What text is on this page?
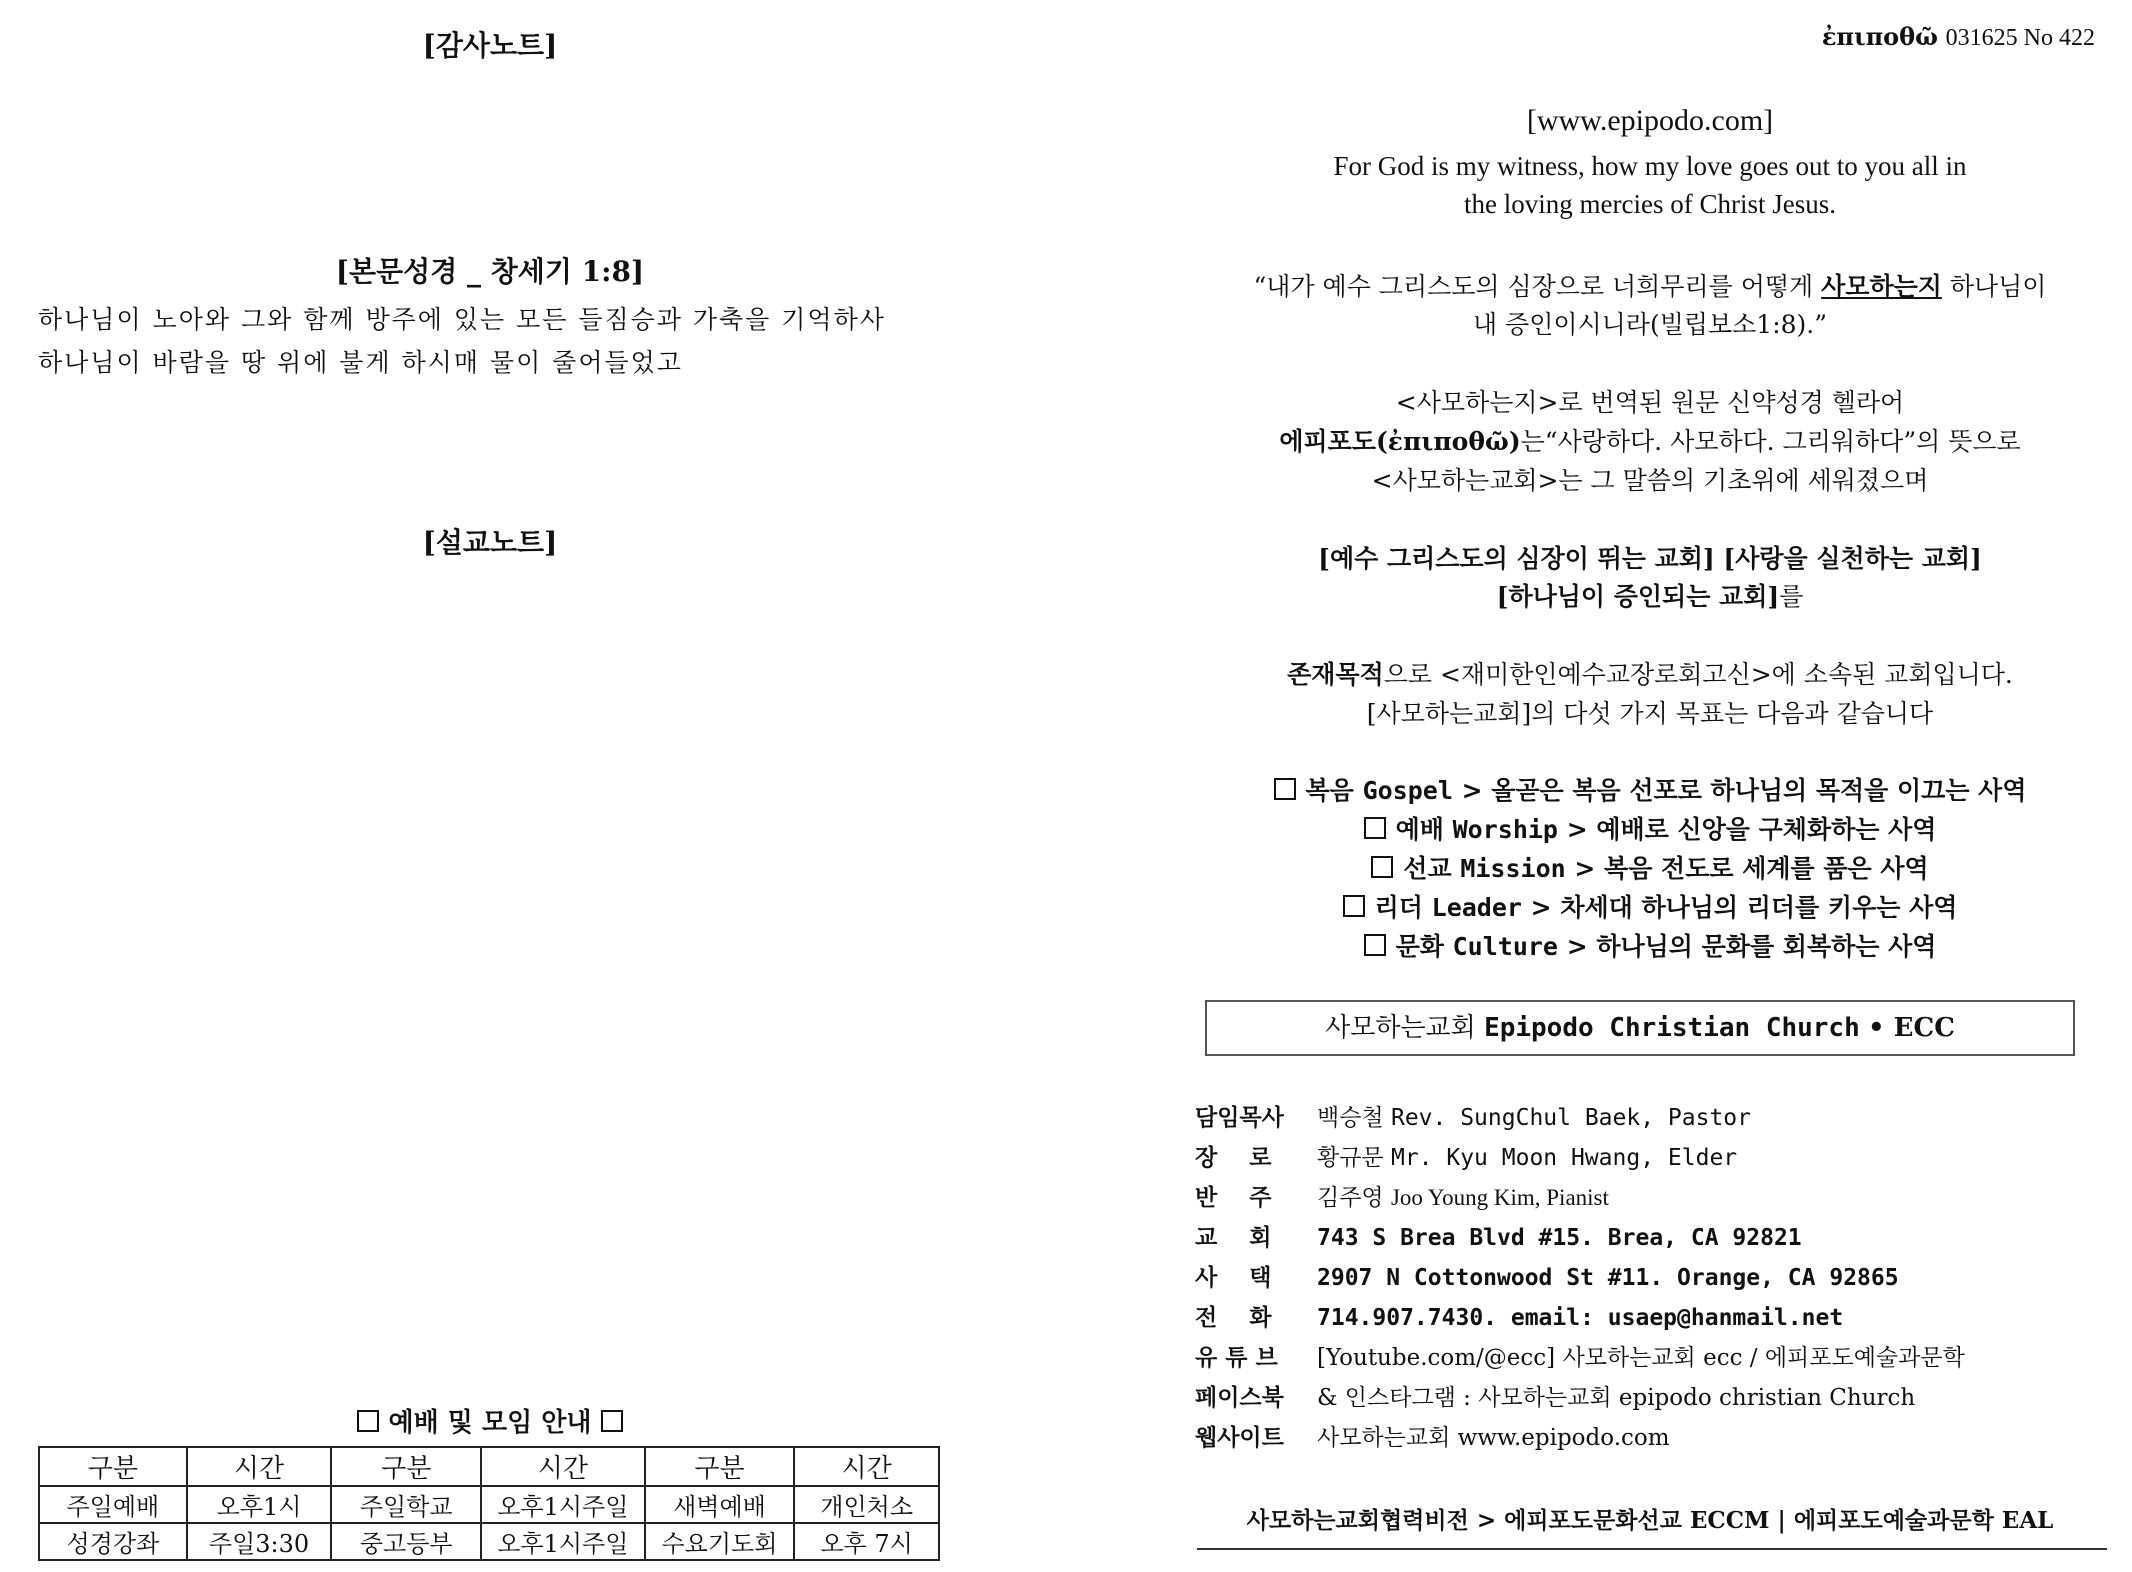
[감사노트]
[본문성경 _ 창세기 1:8]
하나님이 노아와 그와 함께 방주에 있는 모든 들짐승과 가축을 기억하사
하나님이 바람을 땅 위에 불게 하시매 물이 줄어들었고
[설교노트]
예배 및 모임 안내
구분	시간	구분	시간	구분	시간
주일예배	오후1시	주일학교	오후1시주일	새벽예배	개인처소
성경강좌	주일3:30	중고등부	오후1시주일	수요기도회	오후 7시
ἐπιποθῶ 031625 No 422
[www.epipodo.com]
For God is my witness, how my love goes out to you all in
the loving mercies of Christ Jesus.
“내가 예수 그리스도의 심장으로 너희무리를 어떻게 사모하는지 하나님이
내 증인이시니라(빌립보소1:8).”
<사모하는지>로 번역된 원문 신약성경 헬라어
에피포도(ἐπιποθῶ)는“사랑하다. 사모하다. 그리워하다”의 뜻으로
<사모하는교회>는 그 말씀의 기초위에 세워졌으며
[예수 그리스도의 심장이 뛰는 교회] [사랑을 실천하는 교회]
[하나님이 증인되는 교회]를
존재목적으로 <재미한인예수교장로회고신>에 소속된 교회입니다.
[사모하는교회]의 다섯 가지 목표는 다음과 같습니다
복음 Gospel > 올곧은 복음 선포로 하나님의 목적을 이끄는 사역
예배 Worship > 예배로 신앙을 구체화하는 사역
선교 Mission > 복음 전도로 세계를 품은 사역
리더 Leader > 차세대 하나님의 리더를 키우는 사역
문화 Culture > 하나님의 문화를 회복하는 사역
사모하는교회 Epipodo Christian Church • ECC
담임목사 백승철 Rev. SungChul Baek, Pastor
장    로 황규문 Mr. Kyu Moon Hwang, Elder
반    주 김주영 Joo Young Kim, Pianist
교    회 743 S Brea Blvd #15. Brea, CA 92821
사    택 2907 N Cottonwood St #11. Orange, CA 92865
전    화 714.907.7430. email: usaep@hanmail.net
유 튜 브 [Youtube.com/@ecc] 사모하는교회 ecc / 에피포도예술과문학
페이스북 & 인스타그램 : 사모하는교회 epipodo christian Church
웹사이트 사모하는교회 www.epipodo.com
사모하는교회협력비전 > 에피포도문화선교 ECCM | 에피포도예술과문학 EAL
